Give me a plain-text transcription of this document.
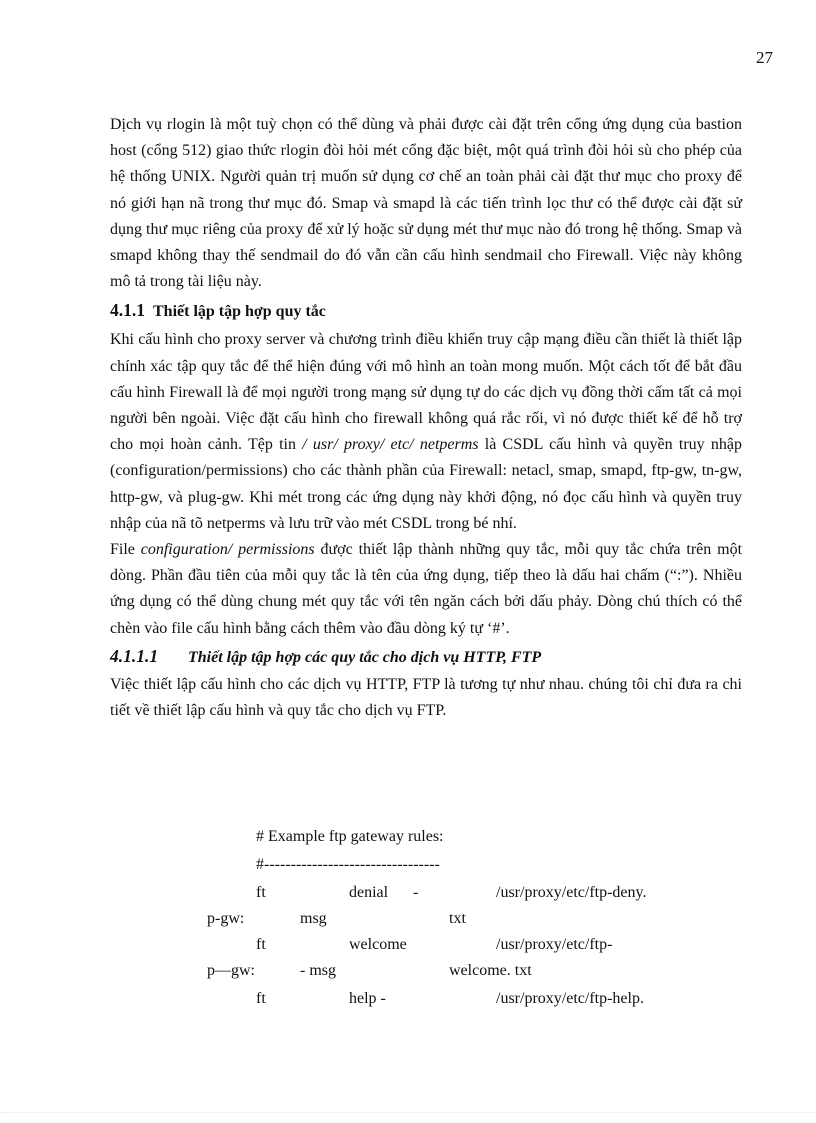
27

Dịch vụ rlogin là một tuỳ chọn có thể dùng và phải được cài đặt trên cổng ứng dụng của bastion host (cổng 512) giao thức rlogin đòi hỏi mét cổng đặc biệt, một quá trình đòi hỏi sù cho phép của hệ thống UNIX. Người quản trị muốn sử dụng cơ chế an toàn phải cài đặt thư mục cho proxy để nó giới hạn nã trong thư mục đó. Smap và smapd là các tiến trình lọc thư có thể được cài đặt sử dụng thư mục riêng của proxy để xử lý hoặc sử dụng mét thư mục nào đó trong hệ thống. Smap và smapd không thay thế sendmail do đó vẫn cần cấu hình sendmail cho Firewall. Việc này không mô tả trong tài liệu này.

4.1.1 Thiết lập tập hợp quy tắc

Khi cấu hình cho proxy server và chương trình điều khiển truy cập mạng điều cần thiết là thiết lập chính xác tập quy tắc để thể hiện đúng với mô hình an toàn mong muốn. Một cách tốt để bắt đầu cấu hình Firewall là để mọi người trong mạng sử dụng tự do các dịch vụ đồng thời cấm tất cả mọi người bên ngoài. Việc đặt cấu hình cho firewall không quá rắc rối, vì nó được thiết kế để hỗ trợ cho mọi hoàn cảnh. Tệp tin / usr/ proxy/ etc/ netperms là CSDL cấu hình và quyền truy nhập (configuration/permissions) cho các thành phần của Firewall: netacl, smap, smapd, ftp-gw, tn-gw, http-gw, và plug-gw. Khi mét trong các ứng dụng này khởi động, nó đọc cấu hình và quyền truy nhập của nã tõ netperms và lưu trữ vào mét CSDL trong bé nhí.

File configuration/ permissions được thiết lập thành những quy tắc, mỗi quy tắc chứa trên một dòng. Phần đầu tiên của mỗi quy tắc là tên của ứng dụng, tiếp theo là dấu hai chấm (“:”). Nhiều ứng dụng có thể dùng chung mét quy tắc với tên ngăn cách bởi dấu phảy. Dòng chú thích có thể chèn vào file cấu hình bằng cách thêm vào đầu dòng ký tự ‘#’.

4.1.1.1 Thiết lập tập hợp các quy tắc cho dịch vụ HTTP, FTP

Việc thiết lập cấu hình cho các dịch vụ HTTP, FTP là tương tự như nhau. chúng tôi chỉ đưa ra chi tiết về thiết lập cấu hình và quy tắc cho dịch vụ FTP.

# Example ftp gateway rules:
#---------------------------------
ft	denial -	/usr/proxy/etc/ftp-deny.
p-gw:	msg	txt
ft	welcome	/usr/proxy/etc/ftp-
p—gw:	- msg	welcome. txt
ft	help -	/usr/proxy/etc/ftp-help.
